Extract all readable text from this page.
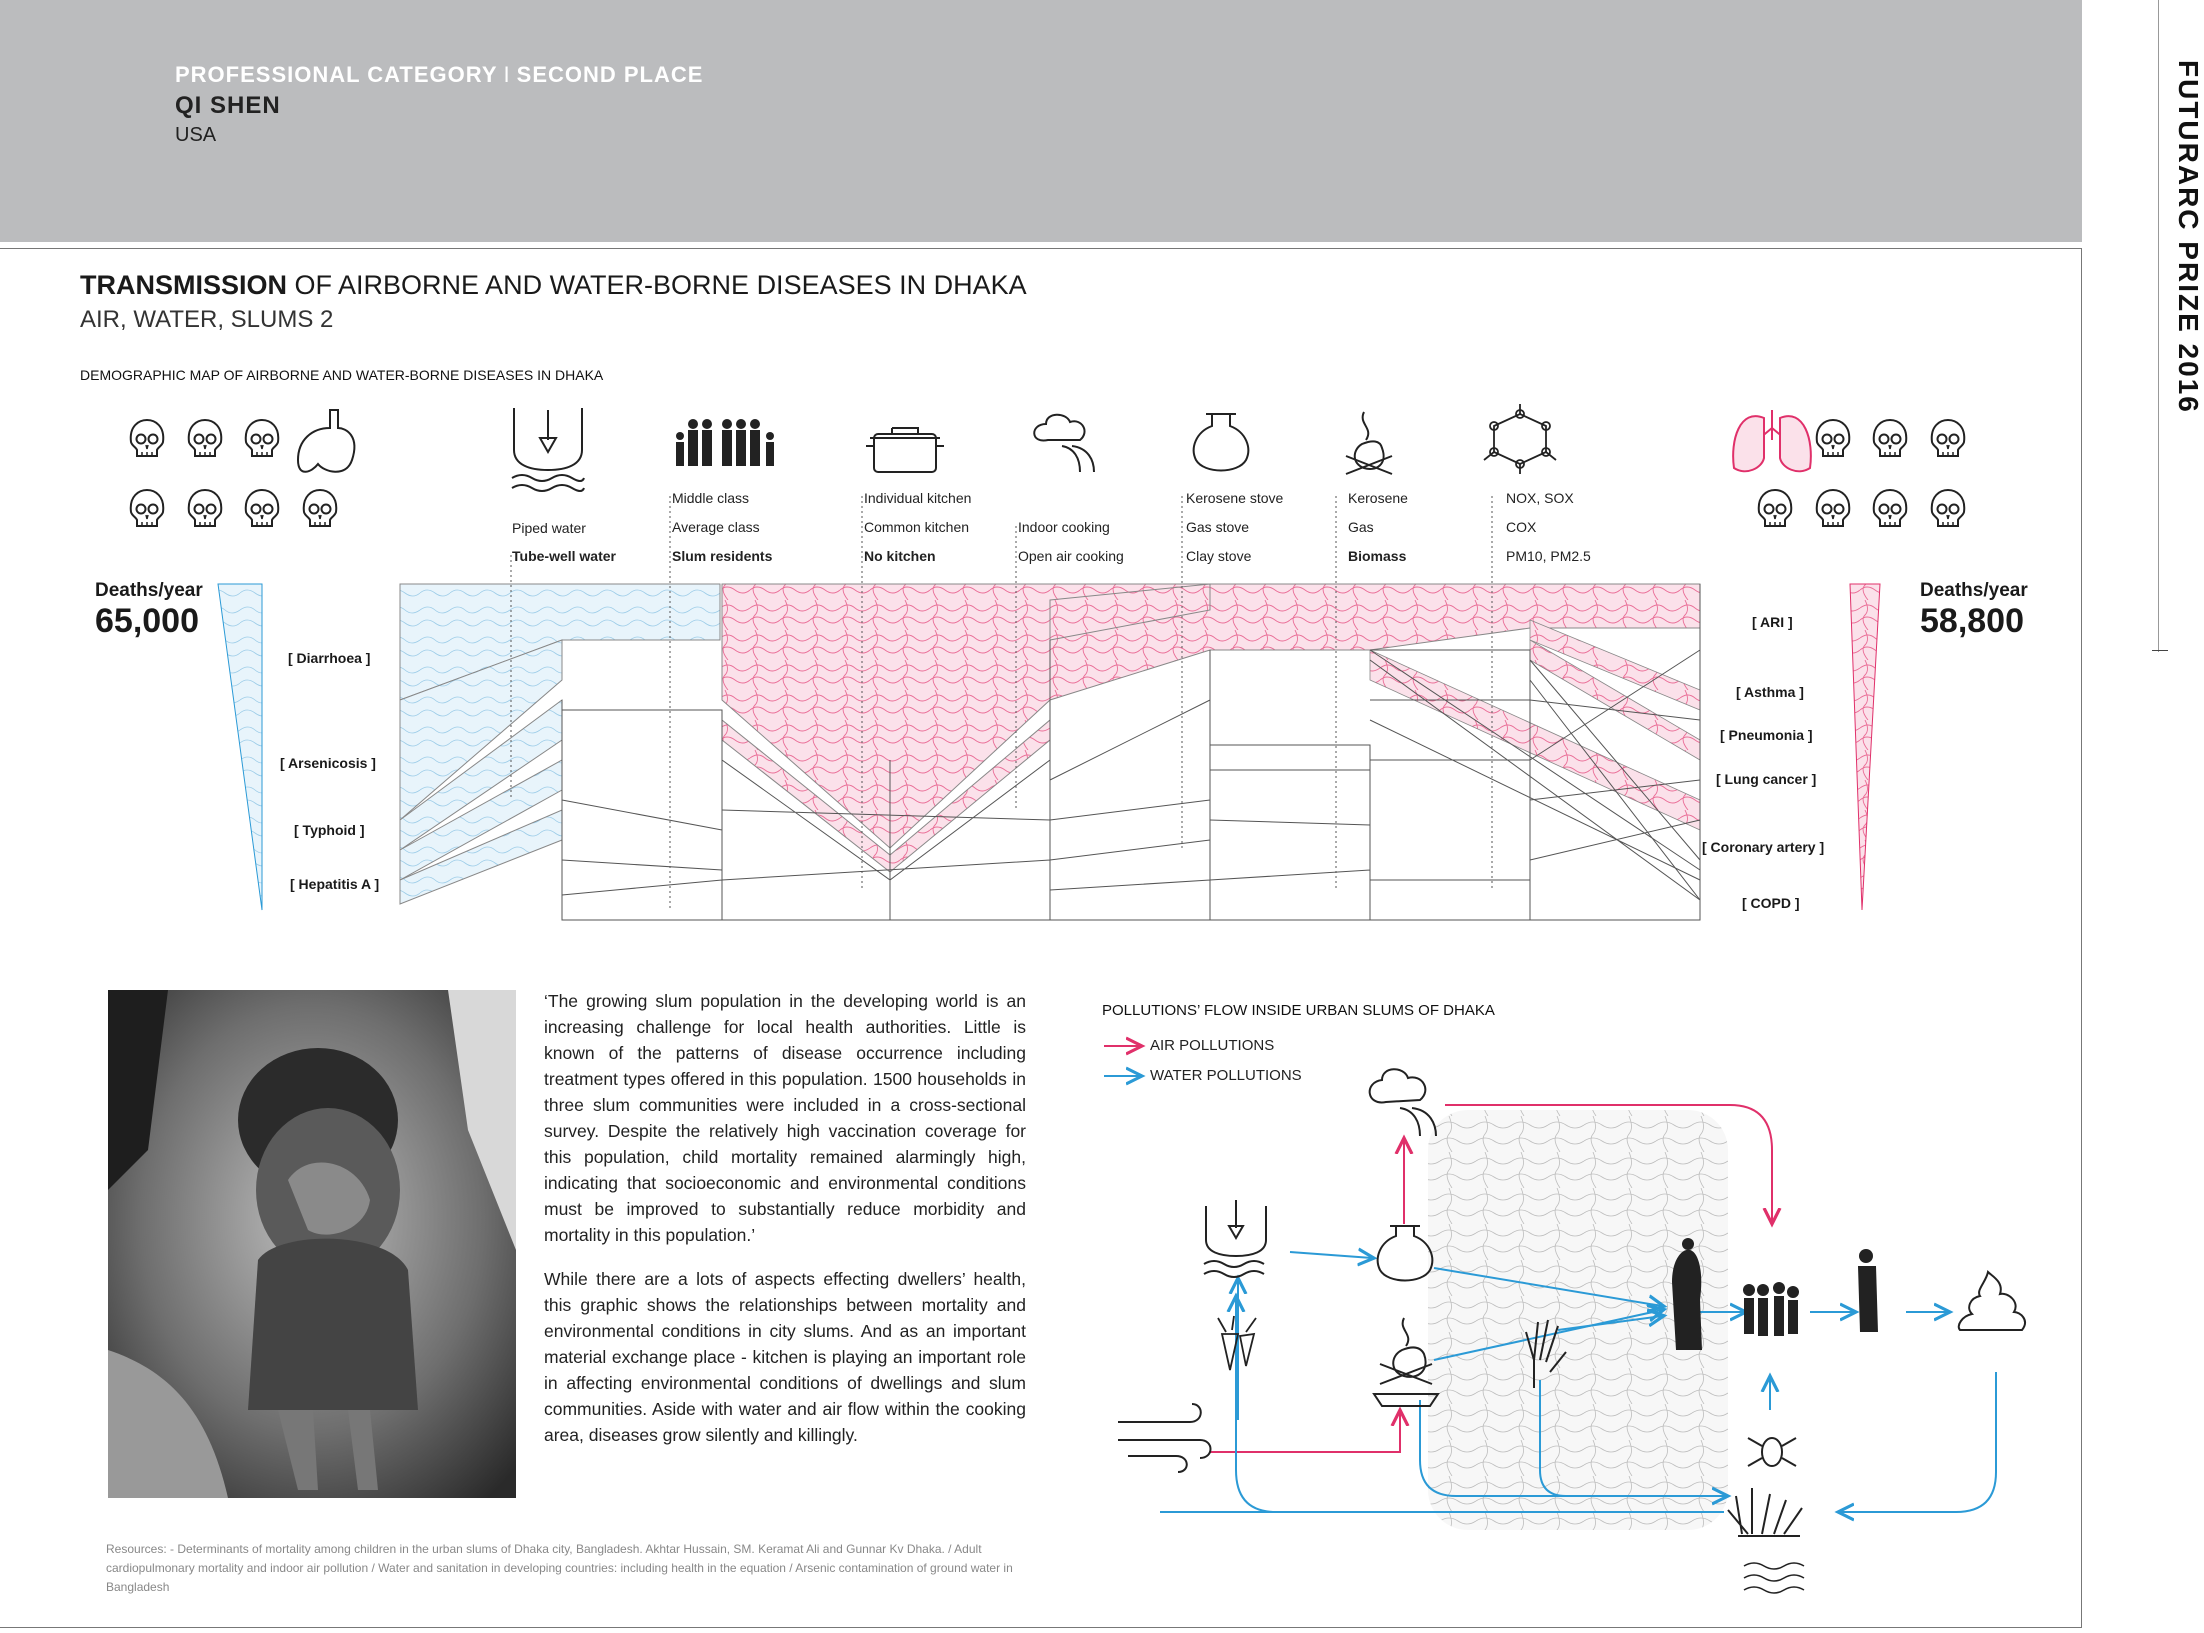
PROFESSIONAL CATEGORY I SECOND PLACE
QI SHEN
USA	FUTURARC PRIZE 2016
TRANSMISSION OF AIRBORNE AND WATER-BORNE DISEASES IN DHAKA
AIR, WATER, SLUMS 2
DEMOGRAPHIC MAP OF AIRBORNE AND WATER-BORNE DISEASES IN DHAKA
Deaths/year
65,000
Deaths/year
58,800
Piped water
Tube-well water
Middle class
Average class
Slum residents
Individual kitchen
Common kitchen
No kitchen
Indoor cooking
Open air cooking
Kerosene stove
Gas stove
Clay stove
Kerosene
Gas
Biomass
NOX, SOX
COX
PM10, PM2.5
[ Diarrhoea ]
[ Arsenicosis ]
[ Typhoid ]
[ Hepatitis A ]
[ ARI ]
[ Asthma ]
[ Pneumonia ]
[ Lung cancer ]
[ Coronary artery ]
[ COPD ]

‘The growing slum population in the developing world is an increasing challenge for local health authorities. Little is known of the patterns of disease occurrence including treatment types offered in this population. 1500 households in three slum communities were included in a cross-sectional survey. Despite the relatively high vaccination coverage for this population, child mortality remained alarmingly high, indicating that socioeconomic and environmental conditions must be improved to substantially reduce morbidity and mortality in this population.’

While there are a lots of aspects effecting dwellers’ health, this graphic shows the relationships between mortality and environmental conditions in city slums. And as an important material exchange place - kitchen is playing an important role in affecting environmental conditions of dwellings and slum communities. Aside with water and air flow within the cooking area, diseases grow silently and killingly.

Resources: - Determinants of mortality among children in the urban slums of Dhaka city, Bangladesh. Akhtar Hussain, SM. Keramat Ali and Gunnar Kv Dhaka. / Adult cardiopulmonary mortality and indoor air pollution / Water and sanitation in developing countries: including health in the equation / Arsenic contamination of ground water in Bangladesh
POLLUTIONS’ FLOW INSIDE URBAN SLUMS OF DHAKA
AIR POLLUTIONS
WATER POLLUTIONS
